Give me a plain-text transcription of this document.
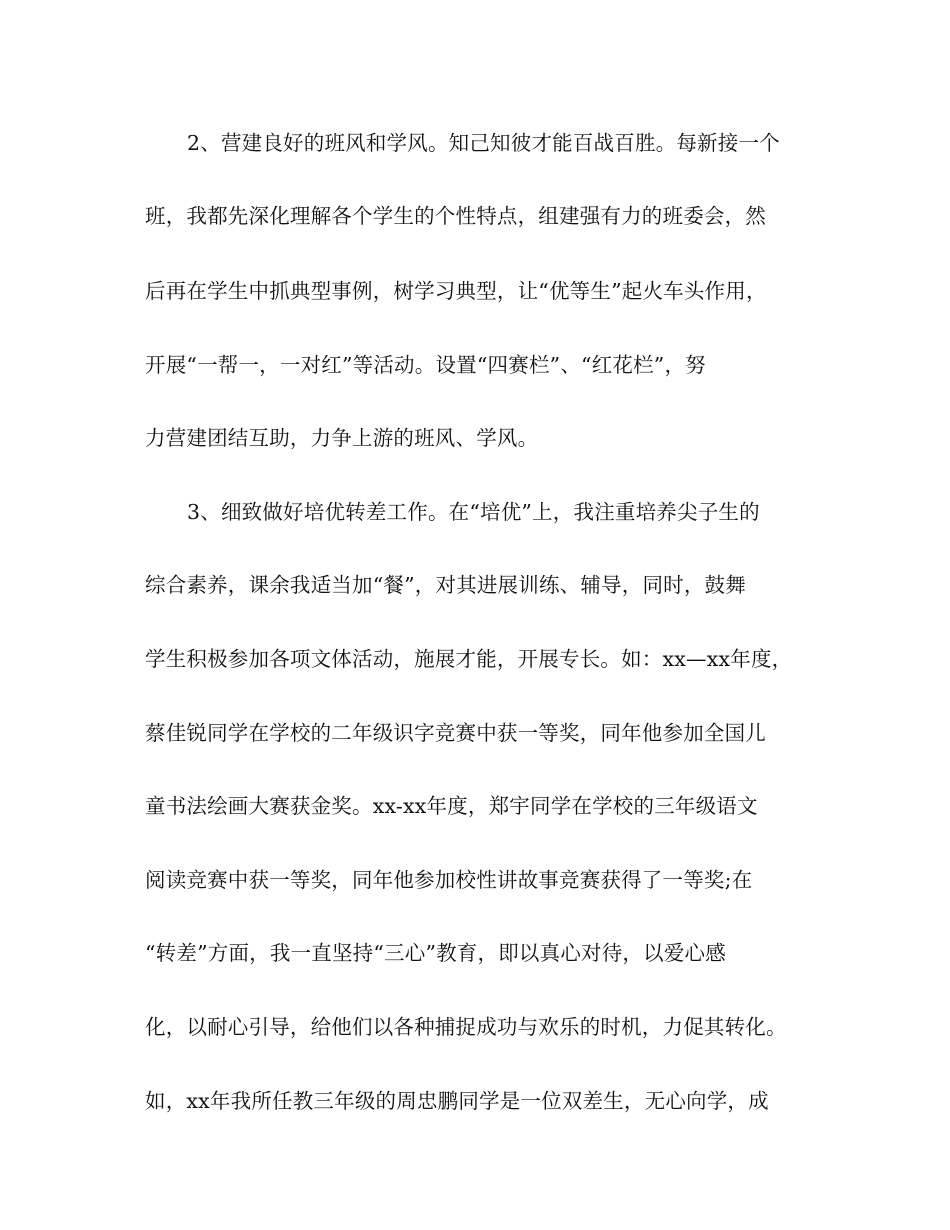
2、营建良好的班风和学风。知己知彼才能百战百胜。每新接一个
班，我都先深化理解各个学生的个性特点，组建强有力的班委会，然
后再在学生中抓典型事例，树学习典型，让“优等生”起火车头作用，
开展“一帮一，一对红”等活动。设置“四赛栏”、“红花栏”，努
力营建团结互助，力争上游的班风、学风。
3、细致做好培优转差工作。在“培优”上，我注重培养尖子生的
综合素养，课余我适当加“餐”，对其进展训练、辅导，同时，鼓舞
学生积极参加各项文体活动，施展才能，开展专长。如：xx—xx年度，
蔡佳锐同学在学校的二年级识字竞赛中获一等奖，同年他参加全国儿
童书法绘画大赛获金奖。xx-xx年度，郑宇同学在学校的三年级语文
阅读竞赛中获一等奖，同年他参加校性讲故事竞赛获得了一等奖;在
“转差”方面，我一直坚持“三心”教育，即以真心对待，以爱心感
化，以耐心引导，给他们以各种捕捉成功与欢乐的时机，力促其转化。
如，xx年我所任教三年级的周忠鹏同学是一位双差生，无心向学，成
